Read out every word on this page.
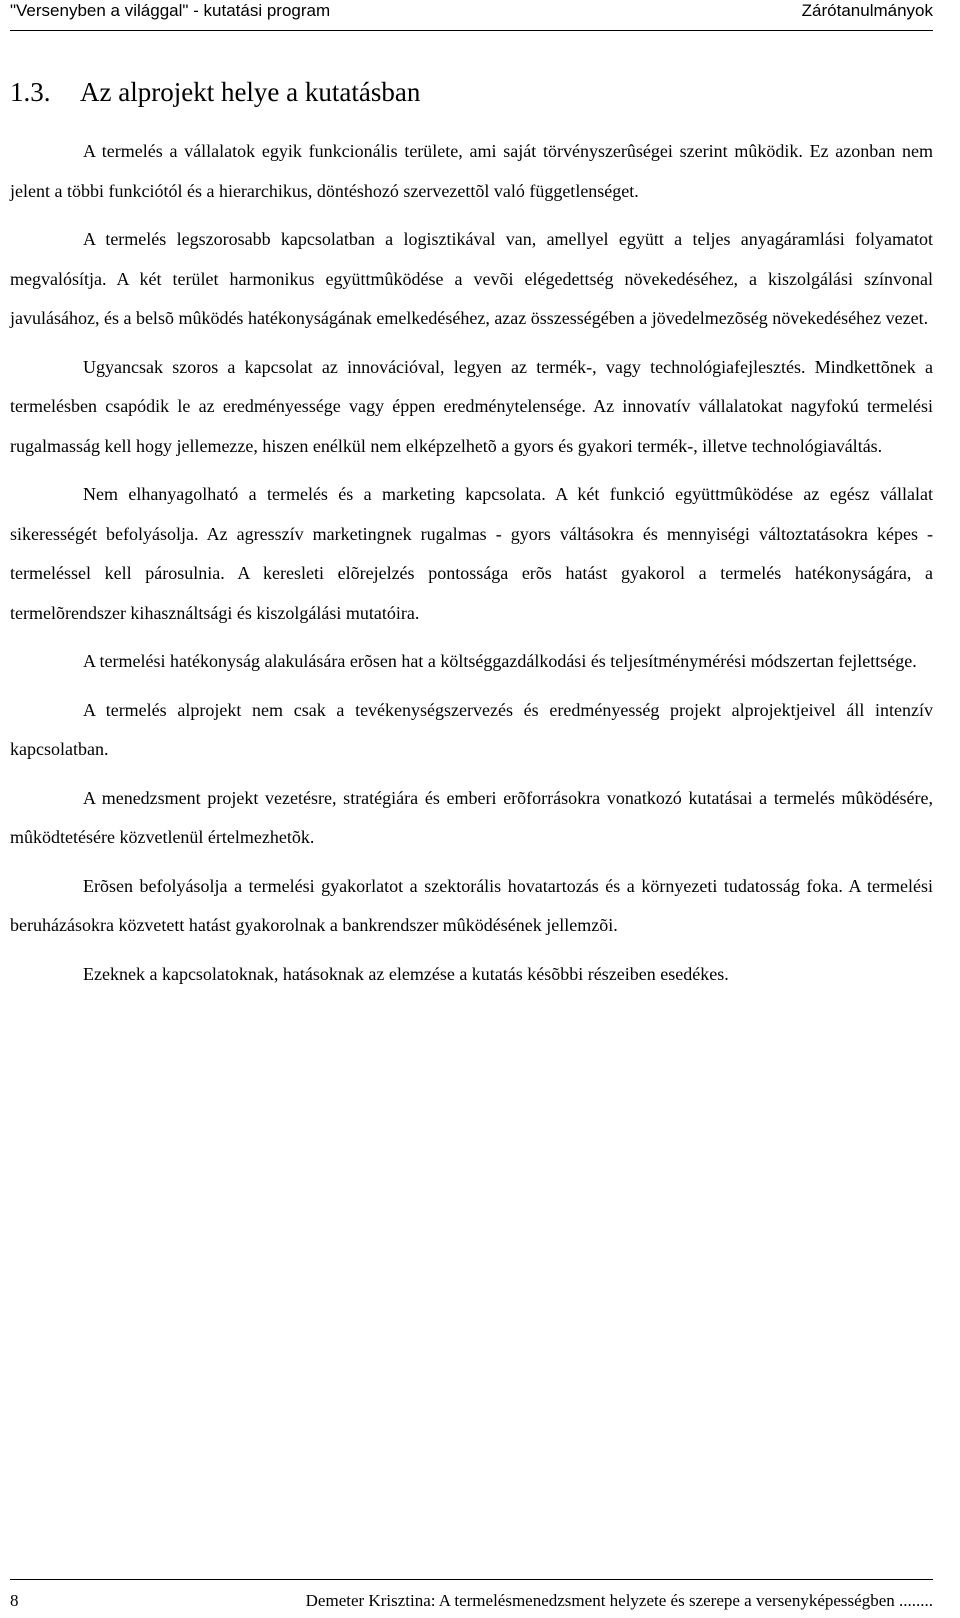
"Versenyben a világgal" - kutatási program	Zárótanulmányok
1.3. Az alprojekt helye a kutatásban

A termelés a vállalatok egyik funkcionális területe, ami saját törvényszerûségei szerint mûködik. Ez azonban nem jelent a többi funkciótól és a hierarchikus, döntéshozó szervezettõl való függetlenséget.

A termelés legszorosabb kapcsolatban a logisztikával van, amellyel együtt a teljes anyagáramlási folyamatot megvalósítja. A két terület harmonikus együttmûködése a vevõi elégedettség növekedéséhez, a kiszolgálási színvonal javulásához, és a belsõ mûködés hatékonyságának emelkedéséhez, azaz összességében a jövedelmezõség növekedéséhez vezet.

Ugyancsak szoros a kapcsolat az innovációval, legyen az termék-, vagy technológiafejlesztés. Mindkettõnek a termelésben csapódik le az eredményessége vagy éppen eredménytelensége. Az innovatív vállalatokat nagyfokú termelési rugalmasság kell hogy jellemezze, hiszen enélkül nem elképzelhetõ a gyors és gyakori termék-, illetve technológiaváltás.

Nem elhanyagolható a termelés és a marketing kapcsolata. A két funkció együttmûködése az egész vállalat sikerességét befolyásolja. Az agresszív marketingnek rugalmas - gyors váltásokra és mennyiségi változtatásokra képes - termeléssel kell párosulnia. A keresleti elõrejelzés pontossága erõs hatást gyakorol a termelés hatékonyságára, a termelõrendszer kihasználtsági és kiszolgálási mutatóira.

A termelési hatékonyság alakulására erõsen hat a költséggazdálkodási és teljesítménymérési módszertan fejlettsége.

A termelés alprojekt nem csak a tevékenységszervezés és eredményesség projekt alprojektjeivel áll intenzív kapcsolatban.

A menedzsment projekt vezetésre, stratégiára és emberi erõforrásokra vonatkozó kutatásai a termelés mûködésére, mûködtetésére közvetlenül értelmezhetõk.

Erõsen befolyásolja a termelési gyakorlatot a szektorális hovatartozás és a környezeti tudatosság foka. A termelési beruházásokra közvetett hatást gyakorolnak a bankrendszer mûködésének jellemzõi.

Ezeknek a kapcsolatoknak, hatásoknak az elemzése a kutatás késõbbi részeiben esedékes.

8	Demeter Krisztina: A termelésmenedzsment helyzete és szerepe a versenyképességben ........
